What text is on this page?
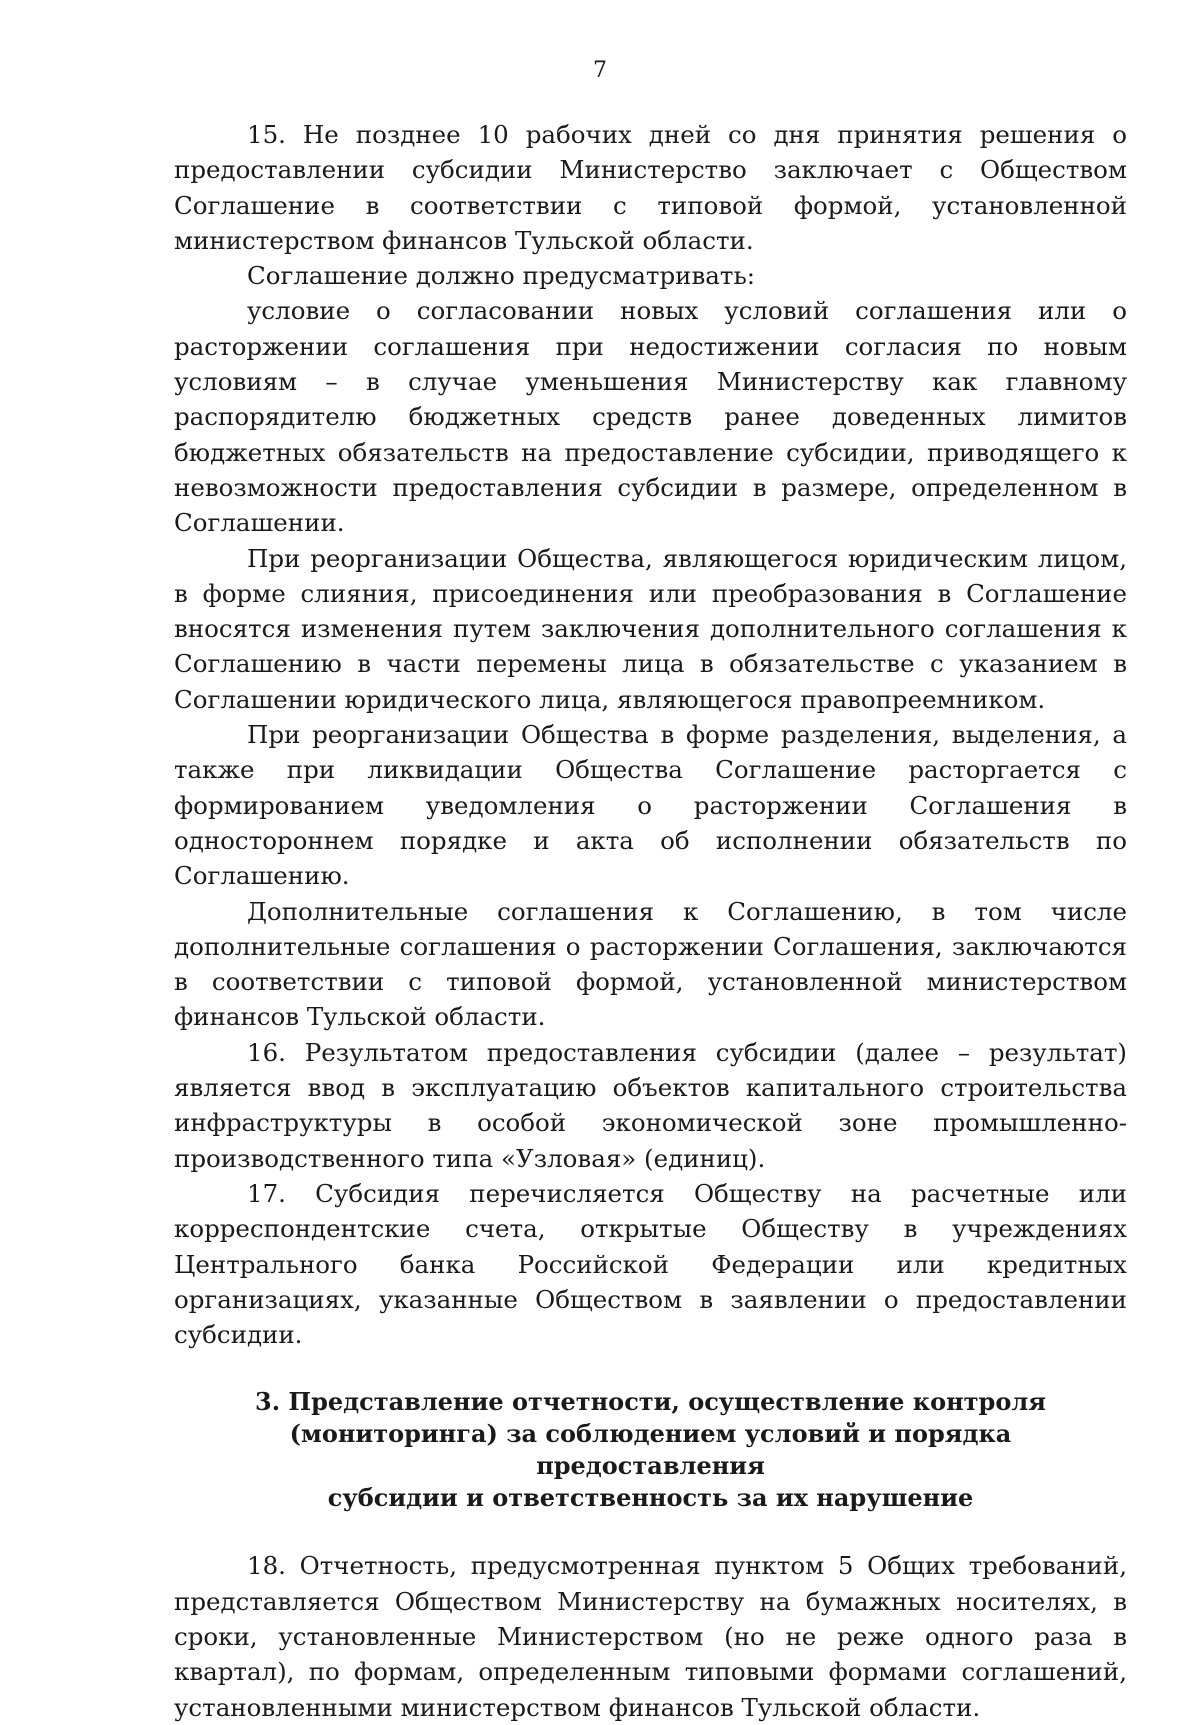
7

15. Не позднее 10 рабочих дней со дня принятия решения о предоставлении субсидии Министерство заключает с Обществом Соглашение в соответствии с типовой формой, установленной министерством финансов Тульской области.

Соглашение должно предусматривать:

условие о согласовании новых условий соглашения или о расторжении соглашения при недостижении согласия по новым условиям – в случае уменьшения Министерству как главному распорядителю бюджетных средств ранее доведенных лимитов бюджетных обязательств на предоставление субсидии, приводящего к невозможности предоставления субсидии в размере, определенном в Соглашении.

При реорганизации Общества, являющегося юридическим лицом, в форме слияния, присоединения или преобразования в Соглашение вносятся изменения путем заключения дополнительного соглашения к Соглашению в части перемены лица в обязательстве с указанием в Соглашении юридического лица, являющегося правопреемником.

При реорганизации Общества в форме разделения, выделения, а также при ликвидации Общества Соглашение расторгается с формированием уведомления о расторжении Соглашения в одностороннем порядке и акта об исполнении обязательств по Соглашению.

Дополнительные соглашения к Соглашению, в том числе дополнительные соглашения о расторжении Соглашения, заключаются в соответствии с типовой формой, установленной министерством финансов Тульской области.

16. Результатом предоставления субсидии (далее – результат) является ввод в эксплуатацию объектов капитального строительства инфраструктуры в особой экономической зоне промышленно-производственного типа «Узловая» (единиц).

17. Субсидия перечисляется Обществу на расчетные или корреспондентские счета, открытые Обществу в учреждениях Центрального банка Российской Федерации или кредитных организациях, указанные Обществом в заявлении о предоставлении субсидии.

3. Представление отчетности, осуществление контроля
(мониторинга) за соблюдением условий и порядка предоставления
субсидии и ответственность за их нарушение

18. Отчетность, предусмотренная пунктом 5 Общих требований, представляется Обществом Министерству на бумажных носителях, в сроки, установленные Министерством (но не реже одного раза в квартал), по формам, определенным типовыми формами соглашений, установленными министерством финансов Тульской области.
